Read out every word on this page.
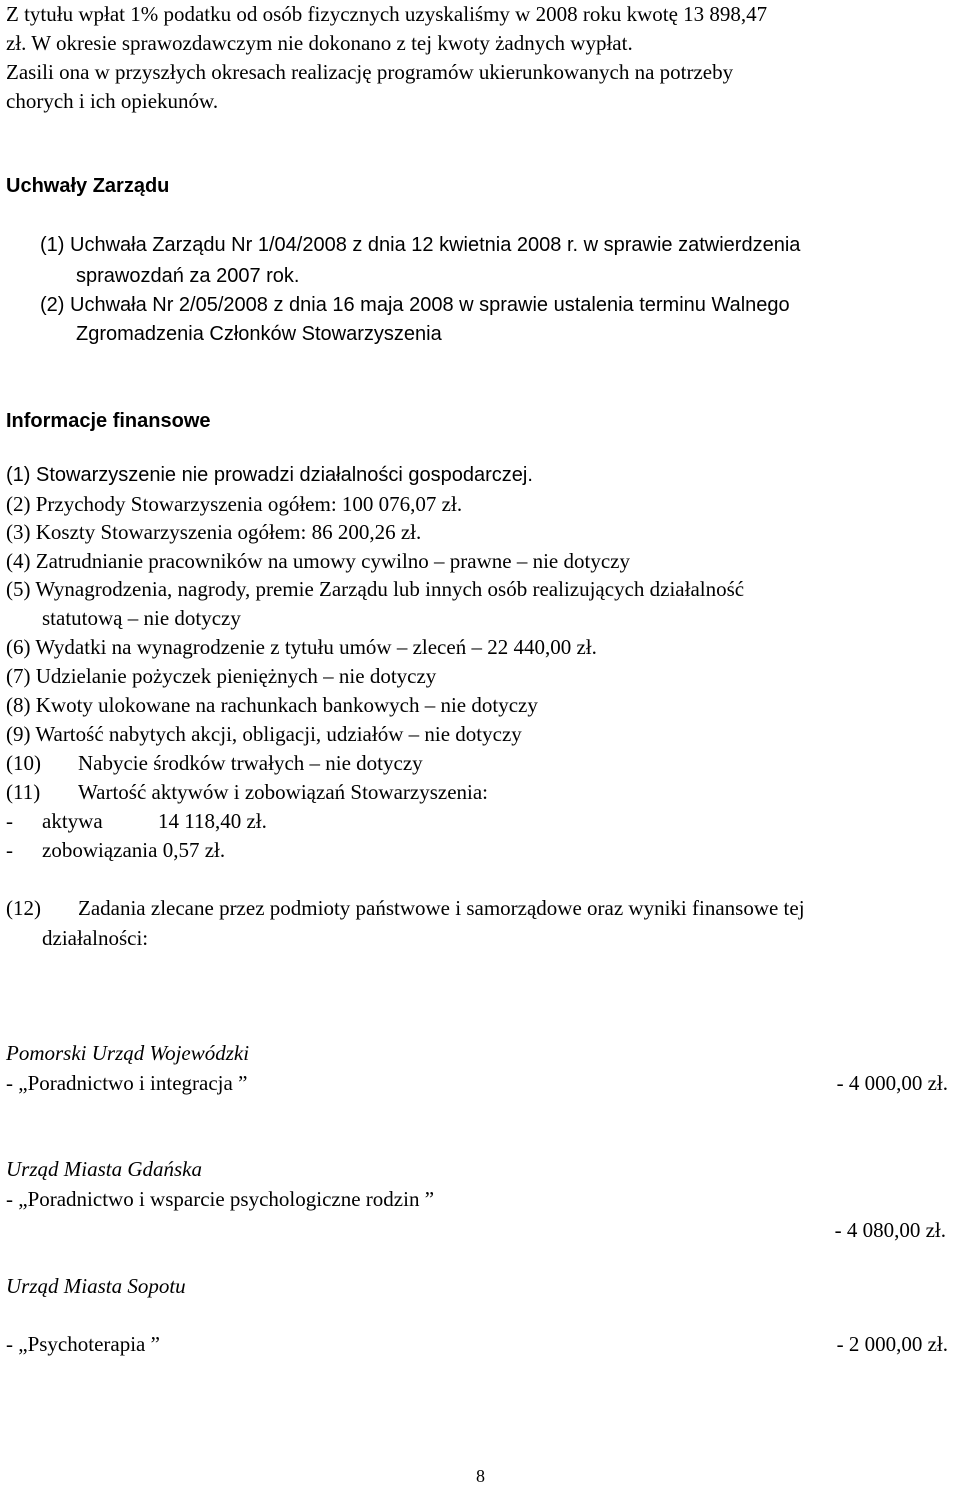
Z tytułu wpłat 1% podatku od osób fizycznych uzyskaliśmy w 2008 roku kwotę 13 898,47
zł. W okresie sprawozdawczym nie dokonano z tej kwoty żadnych wypłat.
Zasili ona w przyszłych okresach realizację programów ukierunkowanych na potrzeby
chorych i ich opiekunów.
Uchwały Zarządu
(1) Uchwała Zarządu Nr 1/04/2008 z dnia 12 kwietnia 2008 r. w sprawie zatwierdzenia
sprawozdań za 2007 rok.
(2) Uchwała Nr 2/05/2008 z dnia 16 maja 2008 w sprawie ustalenia terminu Walnego
Zgromadzenia Członków Stowarzyszenia
Informacje finansowe
(1) Stowarzyszenie nie prowadzi działalności gospodarczej.
(2) Przychody Stowarzyszenia ogółem: 100 076,07 zł.
(3) Koszty Stowarzyszenia ogółem: 86 200,26 zł.
(4) Zatrudnianie pracowników na umowy cywilno – prawne – nie dotyczy
(5) Wynagrodzenia, nagrody, premie Zarządu lub innych osób realizujących działalność
statutową – nie dotyczy
(6) Wydatki na wynagrodzenie z tytułu umów – zleceń – 22 440,00 zł.
(7) Udzielanie pożyczek pieniężnych – nie dotyczy
(8) Kwoty ulokowane na rachunkach bankowych – nie dotyczy
(9) Wartość nabytych akcji, obligacji, udziałów – nie dotyczy
(10) Nabycie środków trwałych – nie dotyczy
(11) Wartość aktywów i zobowiązań Stowarzyszenia:
- aktywa	14 118,40 zł.
- zobowiązania 0,57 zł.
(12) Zadania zlecane przez podmioty państwowe i samorządowe oraz wyniki finansowe tej
działalności:
Pomorski Urząd Wojewódzki
- „Poradnictwo i integracja ”	- 4 000,00 zł.
Urząd Miasta Gdańska
- „Poradnictwo i wsparcie psychologiczne rodzin ”
- 4 080,00 zł.
Urząd Miasta Sopotu
- „Psychoterapia ”	- 2 000,00 zł.
8
